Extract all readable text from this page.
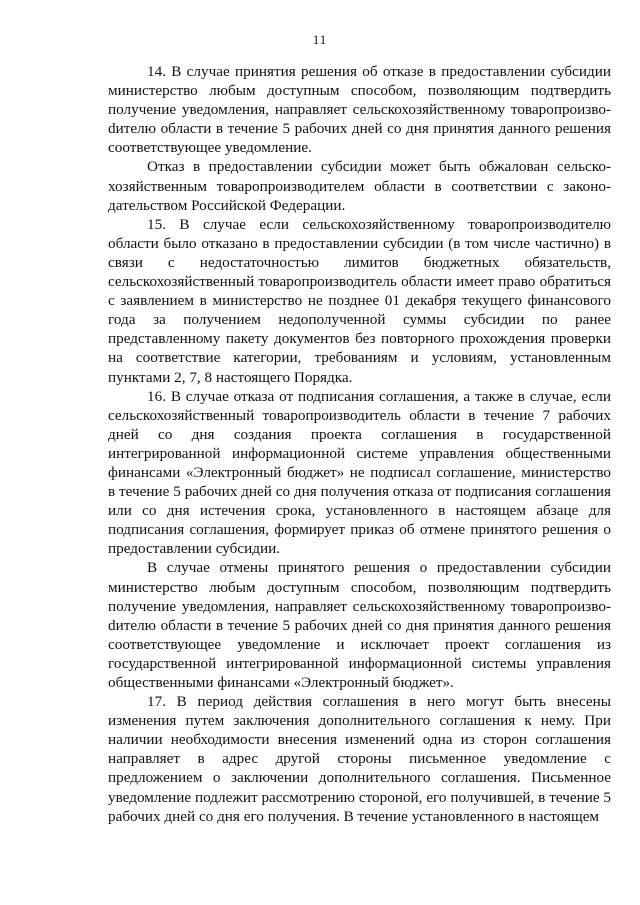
11

14. В случае принятия решения об отказе в предоставлении субсидии министерство любым доступным способом, позволяющим подтвердить получение уведомления, направляет сельскохозяйственному товаропроизвоdителю области в течение 5 рабочих дней со дня принятия данного решения соответствующее уведомление.

Отказ в предоставлении субсидии может быть обжалован сельскохозяйственным товаропроизводителем области в соответствии с законодательством Российской Федерации.

15. В случае если сельскохозяйственному товаропроизводителю области было отказано в предоставлении субсидии (в том числе частично) в связи с недостаточностью лимитов бюджетных обязательств, сельскохозяйственный товаропроизводитель области имеет право обратиться с заявлением в министерство не позднее 01 декабря текущего финансового года за получением недополученной суммы субсидии по ранее представленному пакету документов без повторного прохождения проверки на соответствие категории, требованиям и условиям, установленным пунктами 2, 7, 8 настоящего Порядка.

16. В случае отказа от подписания соглашения, а также в случае, если сельскохозяйственный товаропроизводитель области в течение 7 рабочих дней со дня создания проекта соглашения в государственной интегрированной информационной системе управления общественными финансами «Электронный бюджет» не подписал соглашение, министерство в течение 5 рабочих дней со дня получения отказа от подписания соглашения или со дня истечения срока, установленного в настоящем абзаце для подписания соглашения, формирует приказ об отмене принятого решения о предоставлении субсидии.

В случае отмены принятого решения о предоставлении субсидии министерство любым доступным способом, позволяющим подтвердить получение уведомления, направляет сельскохозяйственному товаропроизвоdителю области в течение 5 рабочих дней со дня принятия данного решения соответствующее уведомление и исключает проект соглашения из государственной интегрированной информационной системы управления общественными финансами «Электронный бюджет».

17. В период действия соглашения в него могут быть внесены изменения путем заключения дополнительного соглашения к нему. При наличии необходимости внесения изменений одна из сторон соглашения направляет в адрес другой стороны письменное уведомление с предложением о заключении дополнительного соглашения. Письменное уведомление подлежит рассмотрению стороной, его получившей, в течение 5 рабочих дней со дня его получения. В течение установленного в настоящем
